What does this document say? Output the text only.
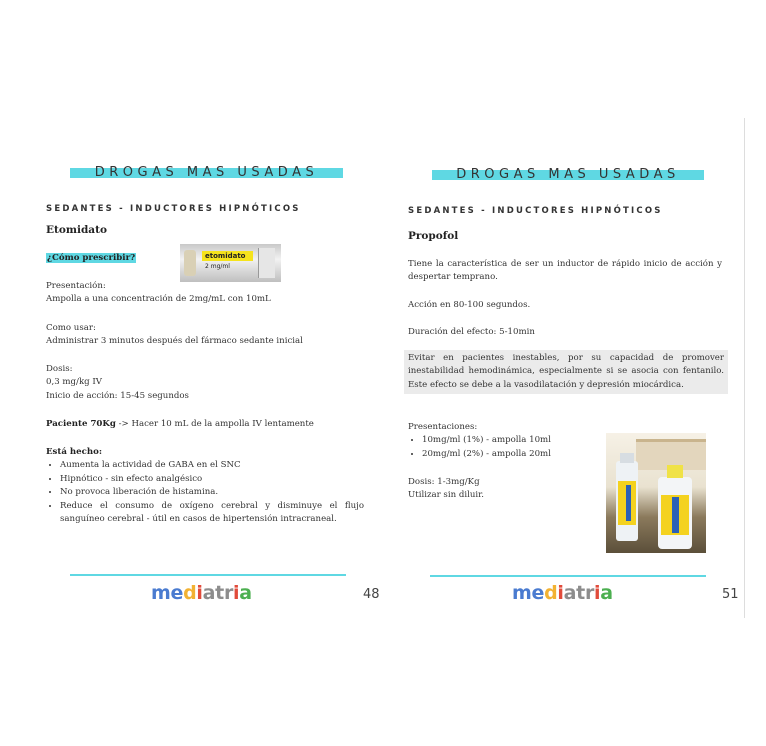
DROGAS MAS USADAS
SEDANTES - INDUCTORES HIPNÓTICOS
Etomidato
¿Cómo prescribir?	etomidato
2 mg/ml
Presentación:
Ampolla a una concentración de 2mg/mL con 10mL
Como usar:
Administrar 3 minutos después del fármaco sedante inicial
Dosis:
0,3 mg/kg IV
Inicio de acción: 15-45 segundos
Paciente 70Kg -> Hacer 10 mL de la ampolla IV lentamente
Está hecho:
• Aumenta la actividad de GABA en el SNC
• Hipnótico - sin efecto analgésico
• No provoca liberación de histamina.
• Reduce el consumo de oxígeno cerebral y disminuye el flujo sanguíneo cerebral - útil en casos de hipertensión intracraneal.
mediatria	48
DROGAS MAS USADAS
SEDANTES - INDUCTORES HIPNÓTICOS
Propofol
Tiene la característica de ser un inductor de rápido inicio de acción y despertar temprano.
Acción en 80-100 segundos.
Duración del efecto: 5-10min
Evitar en pacientes inestables, por su capacidad de promover inestabilidad hemodinámica, especialmente si se asocia con fentanilo. Este efecto se debe a la vasodilatación y depresión miocárdica.
Presentaciones:
• 10mg/ml (1%) - ampolla 10ml
• 20mg/ml (2%) - ampolla 20ml
Dosis: 1-3mg/Kg
Utilizar sin diluir.
mediatria	51
